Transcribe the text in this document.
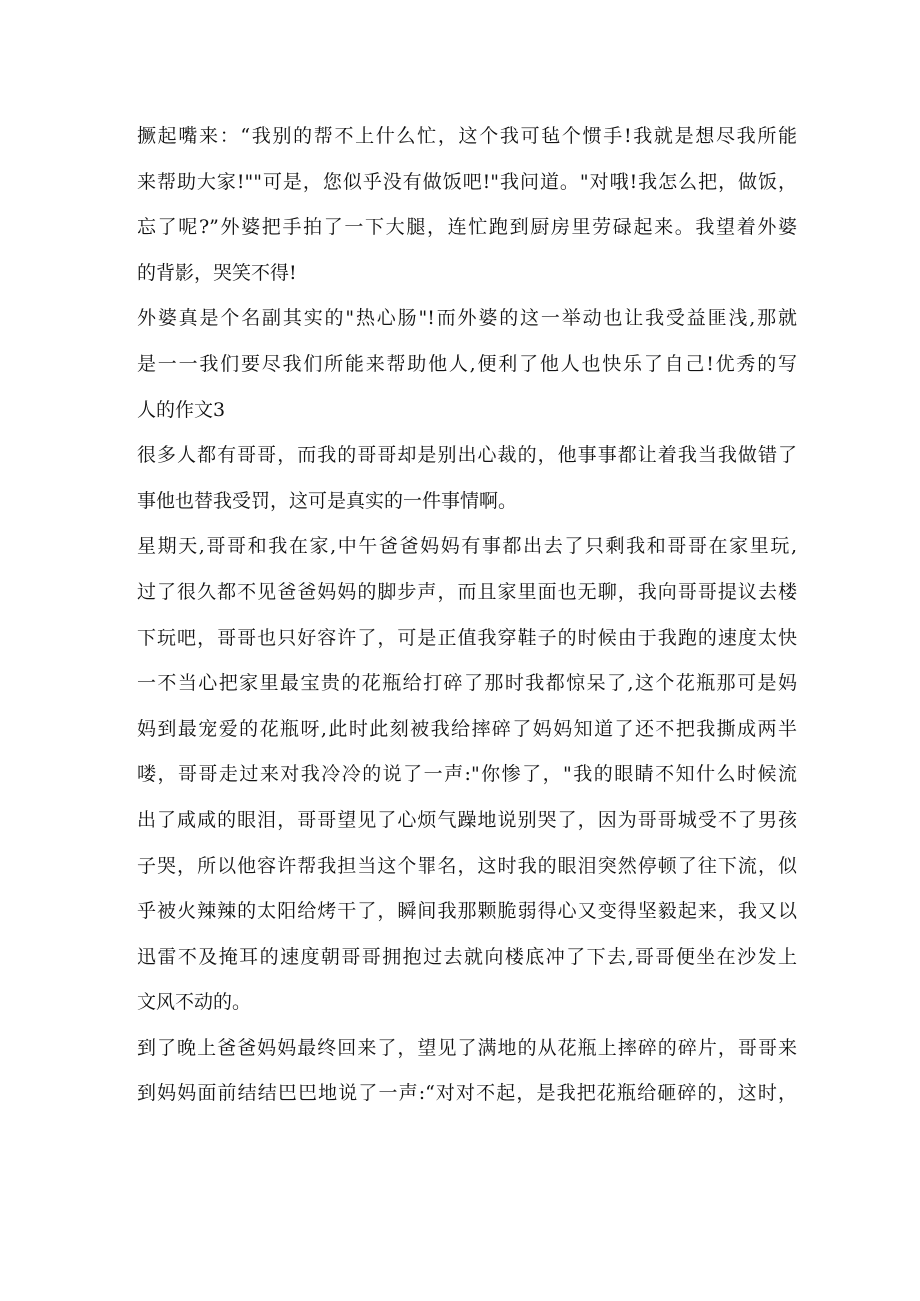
撅起嘴来：“我别的帮不上什么忙，这个我可毡个惯手!我就是想尽我所能
来帮助大家!""可是，您似乎没有做饭吧!"我问道。"对哦!我怎么把，做饭，
忘了呢?”外婆把手拍了一下大腿，连忙跑到厨房里劳碌起来。我望着外婆
的背影，哭笑不得!
外婆真是个名副其实的"热心肠"!而外婆的这一举动也让我受益匪浅,那就
是一一我们要尽我们所能来帮助他人,便利了他人也快乐了自己!优秀的写
人的作文3
很多人都有哥哥，而我的哥哥却是别出心裁的，他事事都让着我当我做错了
事他也替我受罚，这可是真实的一件事情啊。
星期天,哥哥和我在家,中午爸爸妈妈有事都出去了只剩我和哥哥在家里玩,
过了很久都不见爸爸妈妈的脚步声，而且家里面也无聊，我向哥哥提议去楼
下玩吧，哥哥也只好容许了，可是正值我穿鞋子的时候由于我跑的速度太快
一不当心把家里最宝贵的花瓶给打碎了那时我都惊呆了,这个花瓶那可是妈
妈到最宠爱的花瓶呀,此时此刻被我给摔碎了妈妈知道了还不把我撕成两半
喽，哥哥走过来对我冷冷的说了一声:"你惨了，"我的眼睛不知什么时候流
出了咸咸的眼泪，哥哥望见了心烦气躁地说别哭了，因为哥哥城受不了男孩
子哭，所以他容许帮我担当这个罪名，这时我的眼泪突然停顿了往下流，似
乎被火辣辣的太阳给烤干了，瞬间我那颗脆弱得心又变得坚毅起来，我又以
迅雷不及掩耳的速度朝哥哥拥抱过去就向楼底冲了下去,哥哥便坐在沙发上
文风不动的。
到了晚上爸爸妈妈最终回来了，望见了满地的从花瓶上摔碎的碎片，哥哥来
到妈妈面前结结巴巴地说了一声:“对对不起，是我把花瓶给砸碎的，这时，
